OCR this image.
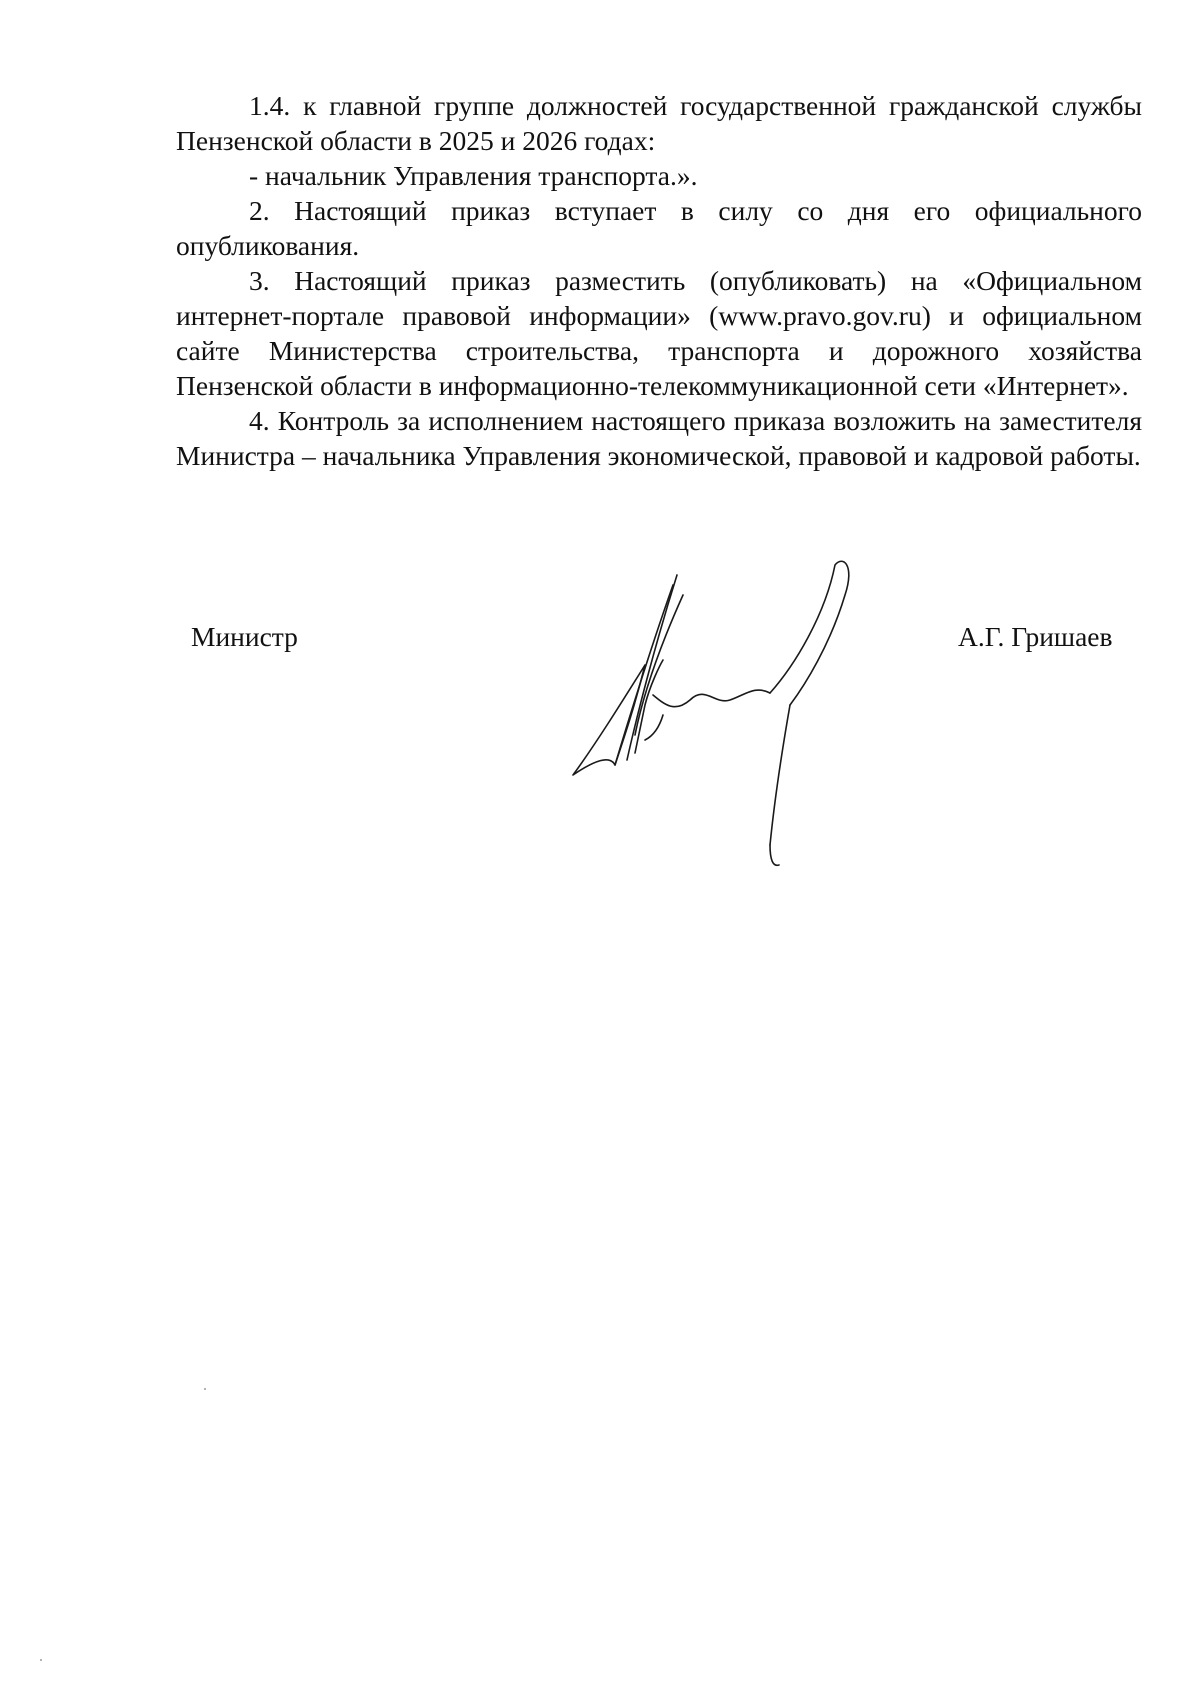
1.4. к главной группе должностей государственной гражданской службы Пензенской области в 2025 и 2026 годах:

- начальник Управления транспорта.».

2. Настоящий приказ вступает в силу со дня его официального опубликования.

3. Настоящий приказ разместить (опубликовать) на «Официальном интернет-портале правовой информации» (www.pravo.gov.ru) и официальном сайте Министерства строительства, транспорта и дорожного хозяйства Пензенской области в информационно-телекоммуникационной сети «Интернет».

4. Контроль за исполнением настоящего приказа возложить на заместителя Министра – начальника Управления экономической, правовой и кадровой работы.

Министр	А.Г. Гришаев
